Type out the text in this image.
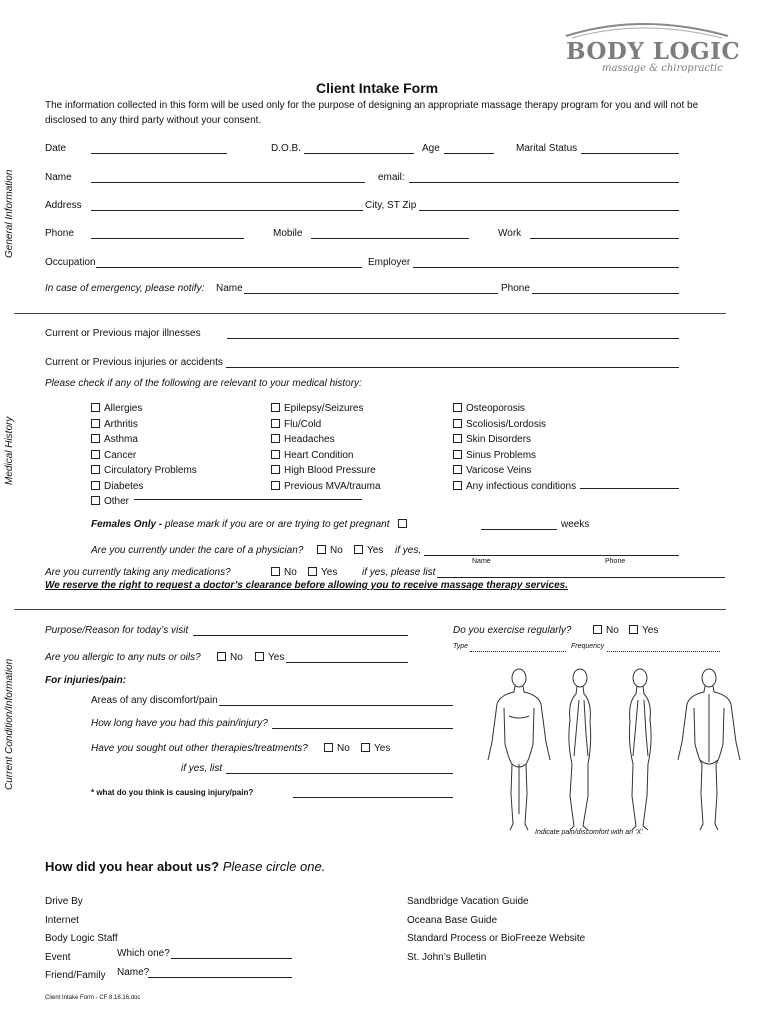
BODY LOGIC
massage & chiropractic
Client Intake Form
The information collected in this form will be used only for the purpose of designing an appropriate massage therapy program for you and will not be
disclosed to any third party without your consent.
General Information
Medical History
Current Condition/Information
Date	D.O.B.	Age	Marital Status
Name	email:
Address	City, ST Zip
Phone	Mobile	Work
Occupation	Employer
In case of emergency, please notify: Name	Phone
Current or Previous major illnesses
Current or Previous injuries or accidents
Please check if any of the following are relevant to your medical history:
Allergies
Arthritis
Asthma
Cancer
Circulatory Problems
Diabetes
Other
Epilepsy/Seizures
Flu/Cold
Headaches
Heart Condition
High Blood Pressure
Previous MVA/trauma
Osteoporosis
Scoliosis/Lordosis
Skin Disorders
Sinus Problems
Varicose Veins
Any infectious conditions
Females Only - please mark if you are or are trying to get pregnant	weeks
Are you currently under the care of a physician?	No	Yes if yes,
Name	Phone
Are you currently taking any medications?	No	Yes if yes, please list
We reserve the right to request a doctor’s clearance before allowing you to receive massage therapy services.
Purpose/Reason for today’s visit	Do you exercise regularly?	No	Yes
Type	Frequency
Are you allergic to any nuts or oils?	No	Yes
For injuries/pain:
Areas of any discomfort/pain
How long have you had this pain/injury?
Have you sought out other therapies/treatments?	No	Yes
if yes, list
* what do you think is causing injury/pain?
Indicate pain/discomfort with an ‘X’
How did you hear about us? Please circle one.
Drive By
Internet
Body Logic Staff
Event
Friend/Family
Which one?
Name?
Sandbridge Vacation Guide
Oceana Base Guide
Standard Process or BioFreeze Website
St. John’s Bulletin
Client Intake Form - CF 8.16.16.doc
